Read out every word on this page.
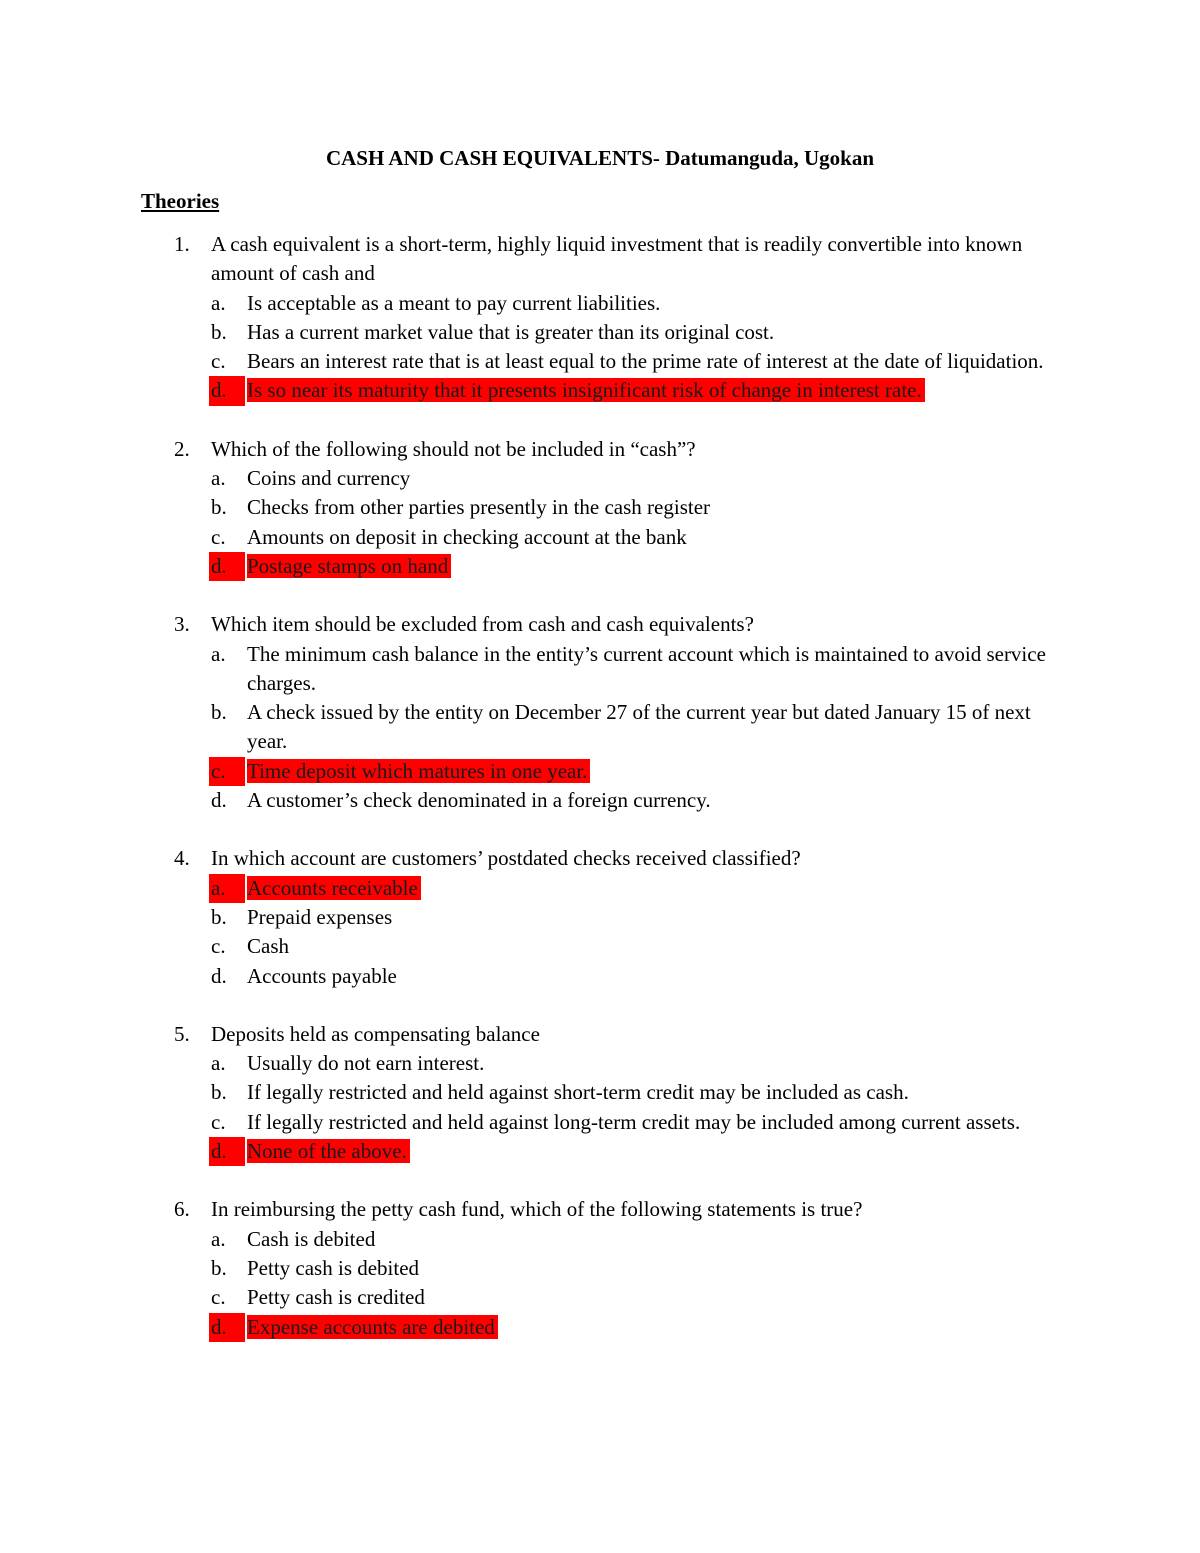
CASH AND CASH EQUIVALENTS- Datumanguda, Ugokan
Theories
1. A cash equivalent is a short-term, highly liquid investment that is readily convertible into known amount of cash and
a. Is acceptable as a meant to pay current liabilities.
b. Has a current market value that is greater than its original cost.
c. Bears an interest rate that is at least equal to the prime rate of interest at the date of liquidation.
d. Is so near its maturity that it presents insignificant risk of change in interest rate.
2. Which of the following should not be included in “cash”?
a. Coins and currency
b. Checks from other parties presently in the cash register
c. Amounts on deposit in checking account at the bank
d. Postage stamps on hand
3. Which item should be excluded from cash and cash equivalents?
a. The minimum cash balance in the entity’s current account which is maintained to avoid service charges.
b. A check issued by the entity on December 27 of the current year but dated January 15 of next year.
c.	Time deposit which matures in one year.
d. A customer’s check denominated in a foreign currency.
4. In which account are customers’ postdated checks received classified?
a.	Accounts receivable
b. Prepaid expenses
c. Cash
d. Accounts payable
5. Deposits held as compensating balance
a. Usually do not earn interest.
b. If legally restricted and held against short-term credit may be included as cash.
c. If legally restricted and held against long-term credit may be included among current assets.
d. None of the above.
6. In reimbursing the petty cash fund, which of the following statements is true?
a. Cash is debited
b. Petty cash is debited
c. Petty cash is credited
d. Expense accounts are debited
